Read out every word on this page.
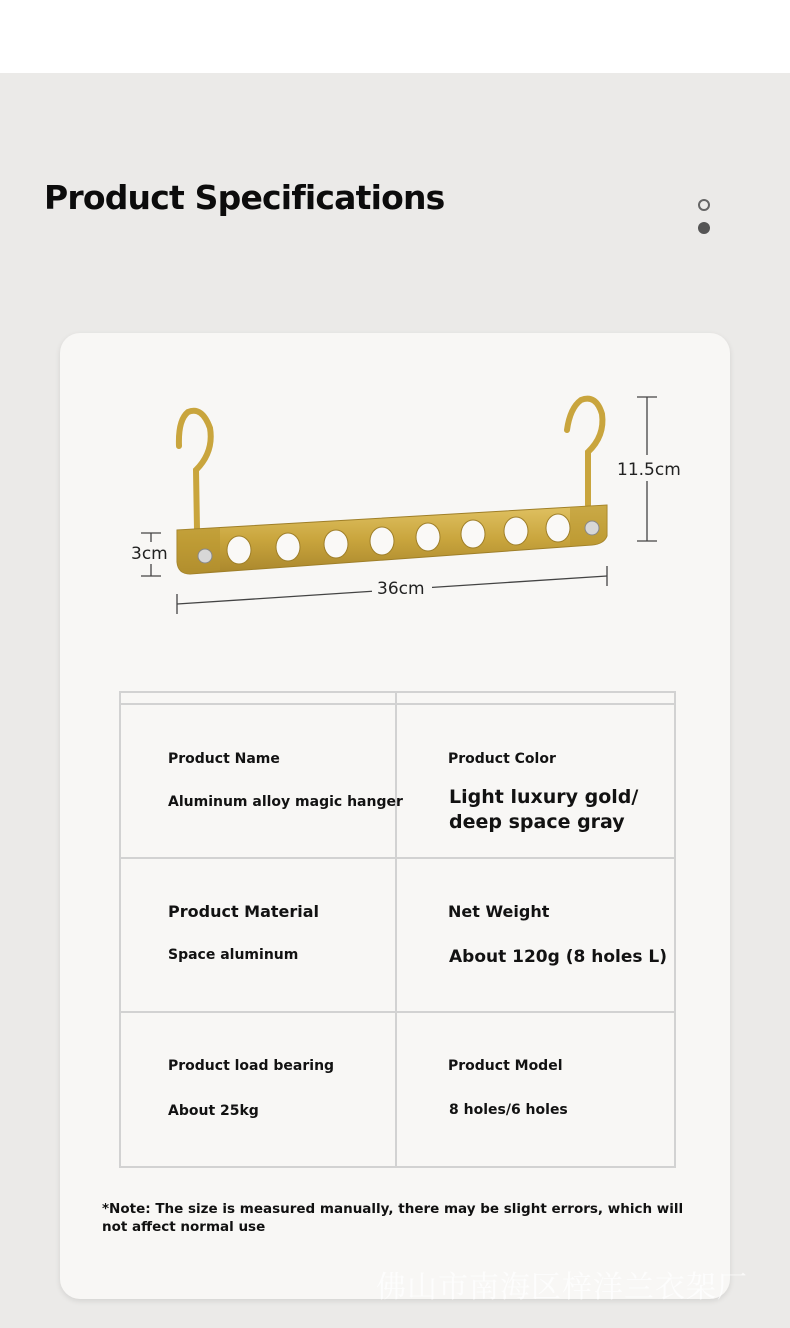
Product Specifications
11.5cm
3cm
36cm
Product Name
Aluminum alloy magic hanger
Product Color
Light luxury gold/
deep space gray
Product Material
Space aluminum
Net Weight
About 120g (8 holes L)
Product load bearing
About 25kg
Product Model
8 holes/6 holes

*Note: The size is measured manually, there may be slight errors, which will not affect normal use

佛山市南海区梓洋兰衣架厂
